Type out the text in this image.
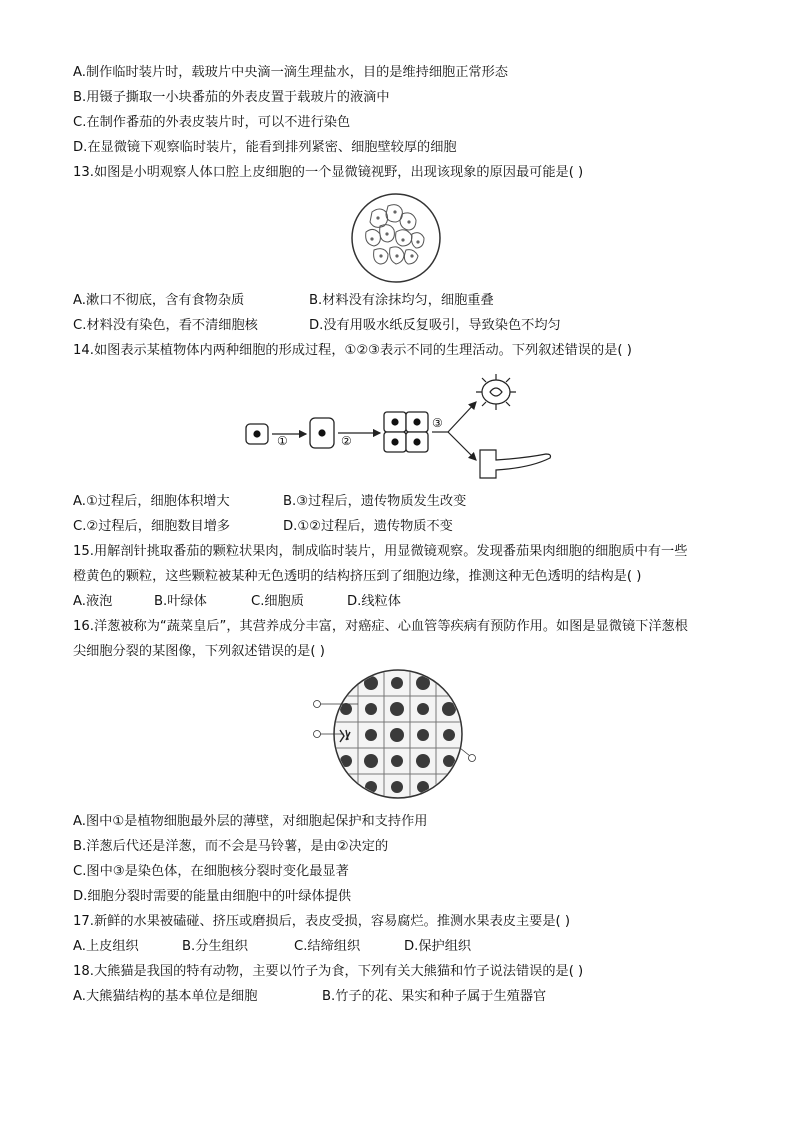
A.制作临时装片时，载玻片中央滴一滴生理盐水，目的是维持细胞正常形态
B.用镊子撕取一小块番茄的外表皮置于载玻片的液滴中
C.在制作番茄的外表皮装片时，可以不进行染色
D.在显微镜下观察临时装片，能看到排列紧密、细胞壁较厚的细胞
13.如图是小明观察人体口腔上皮细胞的一个显微镜视野，出现该现象的原因最可能是( )
A.漱口不彻底，含有食物杂质	B.材料没有涂抹均匀，细胞重叠
C.材料没有染色，看不清细胞核	D.没有用吸水纸反复吸引，导致染色不均匀
14.如图表示某植物体内两种细胞的形成过程，①②③表示不同的生理活动。下列叙述错误的是( )
①	②
③
A.①过程后，细胞体积增大	B.③过程后，遗传物质发生改变
C.②过程后，细胞数目增多	D.①②过程后，遗传物质不变
15.用解剖针挑取番茄的颗粒状果肉，制成临时装片，用显微镜观察。发现番茄果肉细胞的细胞质中有一些
橙黄色的颗粒，这些颗粒被某种无色透明的结构挤压到了细胞边缘，推测这种无色透明的结构是( )
A.液泡	B.叶绿体	C.细胞质	D.线粒体
16.洋葱被称为“蔬菜皇后”，其营养成分丰富，对癌症、心血管等疾病有预防作用。如图是显微镜下洋葱根
尖细胞分裂的某图像，下列叙述错误的是( )
A.图中①是植物细胞最外层的薄壁，对细胞起保护和支持作用
B.洋葱后代还是洋葱，而不会是马铃薯，是由②决定的
C.图中③是染色体，在细胞核分裂时变化最显著
D.细胞分裂时需要的能量由细胞中的叶绿体提供
17.新鲜的水果被磕碰、挤压或磨损后，表皮受损，容易腐烂。推测水果表皮主要是( )
A.上皮组织	B.分生组织	C.结缔组织	D.保护组织
18.大熊猫是我国的特有动物，主要以竹子为食，下列有关大熊猫和竹子说法错误的是( )
A.大熊猫结构的基本单位是细胞	B.竹子的花、果实和种子属于生殖器官
